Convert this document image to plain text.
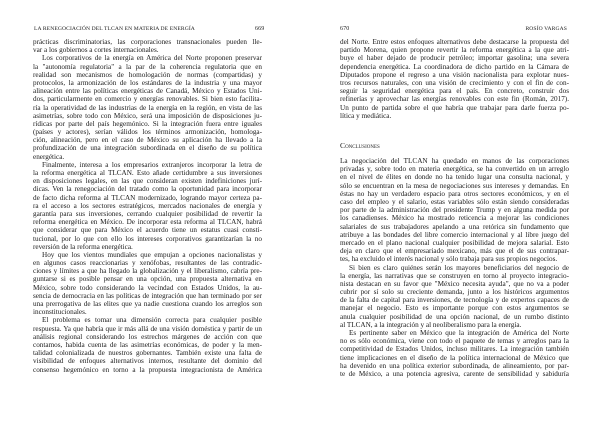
LA RENEGOCIACIÓN DEL TLCAN EN MATERIA DE ENERGÍA	669
prácticas discriminatorias, las corporaciones transnacionales pueden lle-
var a los gobiernos a cortes internacionales.
Los corporativos de la energía en América del Norte proponen preservar
la "autonomía regulatoria" a la par de la coherencia regulatoria que en
realidad son mecanismos de homologación de normas (compartidas) y
protocolos, la armonización de los estándares de la industria y una mayor
alineación entre las políticas energéticas de Canadá, México y Estados Uni-
dos, particularmente en comercio y energías renovables. Si bien esto facilita-
ría la operatividad de las industrias de la energía en la región, en vista de las
asimetrías, sobre todo con México, será una imposición de disposiciones ju-
rídicas por parte del país hegemónico. Si la integración fuera entre iguales
(países y actores), serían válidos los términos armonización, homologa-
ción, alineación, pero en el caso de México su aplicación ha llevado a la
profundización de una integración subordinada en el diseño de su política
energética.
Finalmente, interesa a los empresarios extranjeros incorporar la letra de
la reforma energética al TLCAN. Esto añade certidumbre a sus inversiones
en disposiciones legales, en las que consideran existen indefiniciones jurí-
dicas. Ven la renegociación del tratado como la oportunidad para incorporar
de facto dicha reforma al TLCAN modernizado, logrando mayor certeza pa-
ra el acceso a los sectores estratégicos, mercados nacionales de energía y
garantía para sus inversiones, cerrando cualquier posibilidad de revertir la
reforma energética en México. De incorporar esta reforma al TLCAN, habrá
que considerar que para México el acuerdo tiene un estatus cuasi consti-
tucional, por lo que con ello los intereses corporativos garantizarían la no
reversión de la reforma energética.
Hoy que los vientos mundiales que empujan a opciones nacionalistas y
en algunos casos reaccionarias y xenófobas, resultantes de las contradic-
ciones y límites a que ha llegado la globalización y el liberalismo, cabría pre-
guntarse si es posible pensar en una opción, una propuesta alternativa en
México, sobre todo considerando la vecindad con Estados Unidos, la au-
sencia de democracia en las políticas de integración que han terminado por ser
una prerrogativa de las elites que ya nadie cuestiona cuando los arreglos son
inconstitucionales.
El problema es tomar una dimensión correcta para cualquier posible
respuesta. Ya que habría que ir más allá de una visión doméstica y partir de un
análisis regional considerando los estrechos márgenes de acción con que
contamos, habida cuenta de las asimetrías económicas, de poder y la men-
talidad colonializada de nuestros gobernantes. También existe una falta de
visibilidad de enfoques alternativos internos, resultante del dominio del
consenso hegemónico en torno a la propuesta integracionista de América
670	ROSÍO VARGAS
del Norte. Entre estos enfoques alternativos debe destacarse la propuesta del
partido Morena, quien propone revertir la reforma energética a la que atri-
buye el haber dejado de producir petróleo; importar gasolina; una severa
dependencia energética. La coordinadora de dicho partido en la Cámara de
Diputados propone el regreso a una visión nacionalista para explotar nues-
tros recursos naturales, con una visión de crecimiento y con el fin de con-
seguir la seguridad energética para el país. En concreto, construir dos
refinerías y aprovechar las energías renovables con este fin (Román, 2017).
Un punto de partida sobre el que habría que trabajar para darle fuerza po-
lítica y mediática.
Conclusiones
La negociación del TLCAN ha quedado en manos de las corporaciones
privadas y, sobre todo en materia energética, se ha convertido en un arreglo
en el nivel de élites en donde no ha tenido lugar una consulta nacional, y
sólo se encuentran en la mesa de negociaciones sus intereses y demandas. En
éstas no hay un verdadero espacio para otros sectores económicos, y en el
caso del empleo y el salario, estas variables sólo están siendo consideradas
por parte de la administración del presidente Trump y en alguna medida por
los canadienses. México ha mostrado reticencia a mejorar las condiciones
salariales de sus trabajadores apelando a una retórica sin fundamento que
atribuye a las bondades del libre comercio internacional y al libre juego del
mercado en el plano nacional cualquier posibilidad de mejora salarial. Esto
deja en claro que el empresariado mexicano, más que el de sus contrapar-
tes, ha excluido el interés nacional y sólo trabaja para sus propios negocios.
Si bien es claro quiénes serán los mayores beneficiarios del negocio de
la energía, las narrativas que se construyen en torno al proyecto integracio-
nista destacan en su favor que "México necesita ayuda", que no va a poder
cubrir por sí solo su creciente demanda, junto a los históricos argumentos
de la falta de capital para inversiones, de tecnología y de expertos capaces de
manejar el negocio. Esto es importante porque con estos argumentos se
anula cualquier posibilidad de una opción nacional, de un rumbo distinto
al TLCAN, a la integración y al neoliberalismo para la energía.
Es pertinente saber en México que la integración de América del Norte
no es sólo económica, viene con todo el paquete de temas y arreglos para la
competitividad de Estados Unidos, incluso militares. La integración también
tiene implicaciones en el diseño de la política internacional de México que
ha devenido en una política exterior subordinada, de alineamiento, por par-
te de México, a una potencia agresiva, carente de sensibilidad y sabiduría
